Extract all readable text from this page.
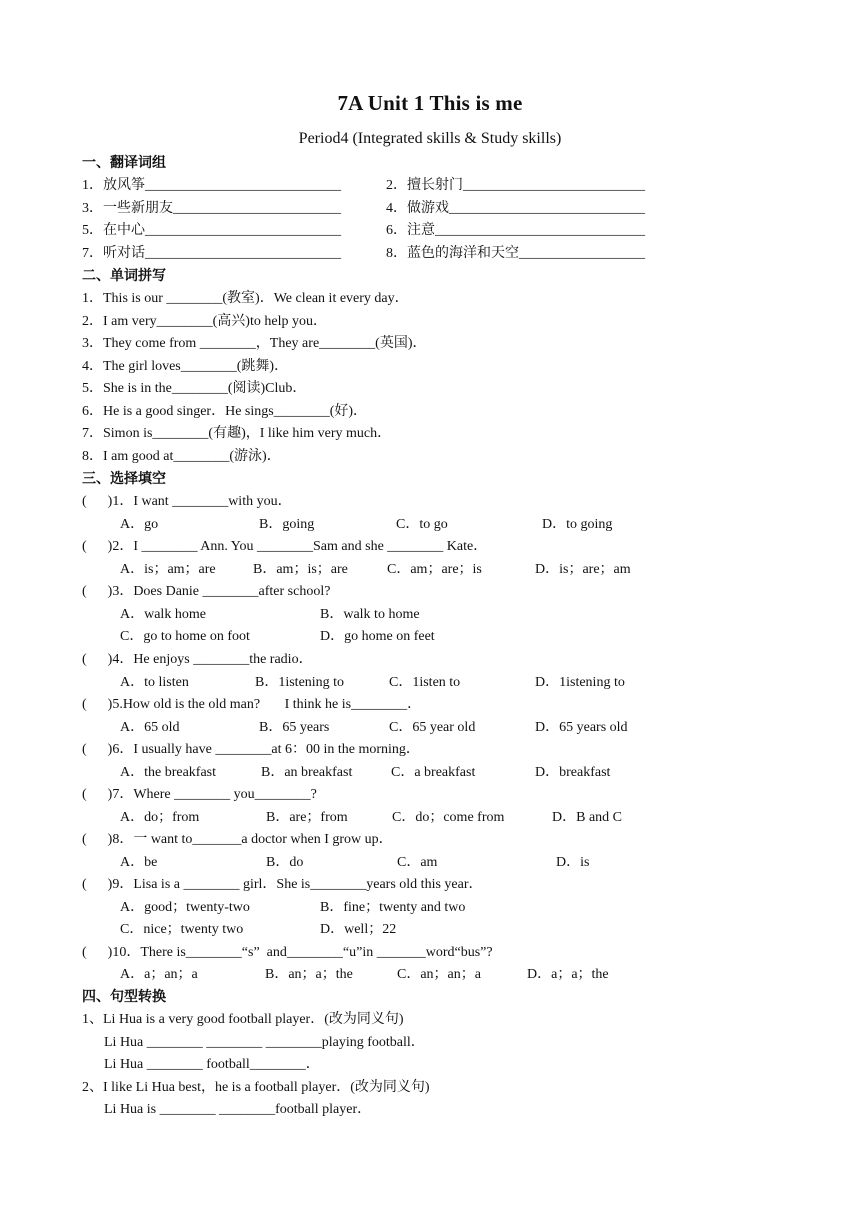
7A Unit 1 This is me
Period4 (Integrated skills & Study skills)
一、翻译词组
1．放风筝____________________________	2．擅长射门__________________________
3．一些新朋友________________________	4．做游戏____________________________
5．在中心____________________________	6．注意______________________________
7．听对话____________________________	8．蓝色的海洋和天空__________________
二、单词拼写
1．This is our ________(教室)．We clean it every day．
2．I am very________(高兴)to help you．
3．They come from ________，They are________(英国)．
4．The girl loves________(跳舞)．
5．She is in the________(阅读)Club．
6．He is a good singer．He sings________(好)．
7．Simon is________(有趣)，I like him very much．
8．I am good at________(游泳)．
三、选择填空
(      )1．I want ________with you．
A．go	B．going	C．to go	D．to going
(      )2．I ________ Ann. You ________Sam and she ________ Kate．
A．is；am；are	B．am；is；are	C．am；are；is	D．is；are；am
(      )3．Does Danie ________after school?
A．walk home	B．walk to home
C．go to home on foot	D．go home on feet
(      )4．He enjoys ________the radio．
A．to listen	B．1istening to	C．1isten to	D．1istening to
(      )5.How old is the old man?       I think he is________．
A．65 old	B．65 years	C．65 year old	D．65 years old
(      )6．I usually have ________at 6：00 in the morning．
A．the breakfast	B．an breakfast	C．a breakfast	D．breakfast
(      )7．Where ________ you________?
A．do；from	B．are；from	C．do；come from	D．B and C
(      )8．一 want to_______a doctor when I grow up．
A．be	B．do	C．am	D．is
(      )9．Lisa is a ________ girl．She is________years old this year．
A．good；twenty-two	B．fine；twenty and two
C．nice；twenty two	D．well；22
(      )10．There is________“s”  and________“u”in _______word“bus”?
A．a；an；a	B．an；a；the	C．an；an；a	D．a；a；the
四、句型转换
1、Li Hua is a very good football player．(改为同义句)
Li Hua ________ ________ ________playing football．
Li Hua ________ football________．
2、I like Li Hua best，he is a football player．(改为同义句)
Li Hua is ________ ________football player．
